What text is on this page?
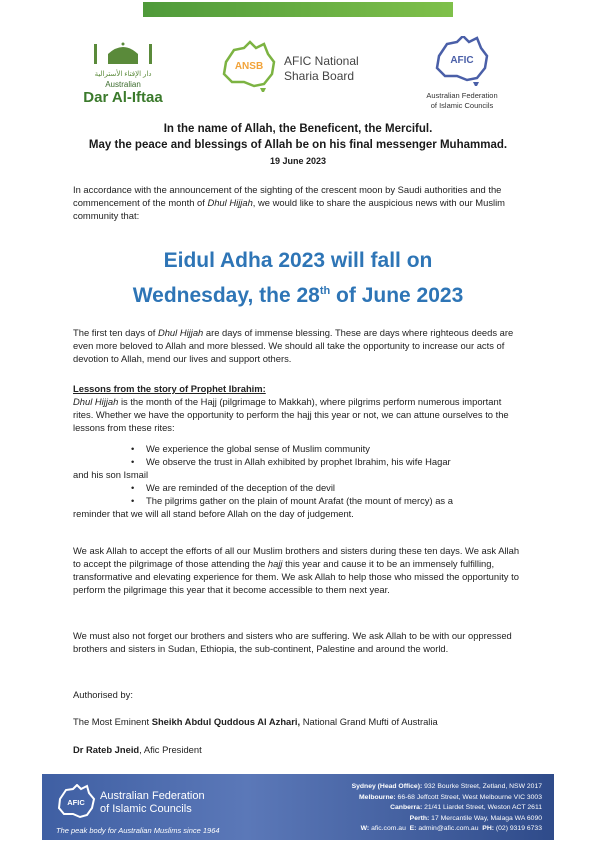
دار الإفتاء الأسترالية
Australian
Dar Al-Iftaa
ANSB AFIC National
Sharia Board
AFIC
Australian Federation
of Islamic Councils
In the name of Allah, the Beneficent, the Merciful.
May the peace and blessings of Allah be on his final messenger Muhammad.
19 June 2023
In accordance with the announcement of the sighting of the crescent moon by Saudi authorities and the commencement of the month of Dhul Hijjah, we would like to share the auspicious news with our Muslim community that:
Eidul Adha 2023 will fall on
Wednesday, the 28th of June 2023
The first ten days of Dhul Hijjah are days of immense blessing. These are days where righteous deeds are even more beloved to Allah and more blessed. We should all take the opportunity to increase our acts of devotion to Allah, mend our lives and support others.
Lessons from the story of Prophet Ibrahim:
Dhul Hijjah is the month of the Hajj (pilgrimage to Makkah), where pilgrims perform numerous important rites. Whether we have the opportunity to perform the hajj this year or not, we can attune ourselves to the lessons from these rites:
• We experience the global sense of Muslim community
• We observe the trust in Allah exhibited by prophet Ibrahim, his wife Hagar
and his son Ismail
• We are reminded of the deception of the devil
• The pilgrims gather on the plain of mount Arafat (the mount of mercy) as a
reminder that we will all stand before Allah on the day of judgement.
We ask Allah to accept the efforts of all our Muslim brothers and sisters during these ten days. We ask Allah to accept the pilgrimage of those attending the hajj this year and cause it to be an immensely fulfilling, transformative and elevating experience for them. We ask Allah to help those who missed the opportunity to perform the pilgrimage this year that it become accessible to them next year.
We must also not forget our brothers and sisters who are suffering. We ask Allah to be with our oppressed brothers and sisters in Sudan, Ethiopia, the sub-continent, Palestine and around the world.
Authorised by:
The Most Eminent Sheikh Abdul Quddous Al Azhari, National Grand Mufti of Australia
Dr Rateb Jneid, Afic President
AFIC
Australian Federation
of Islamic Councils
The peak body for Australian Muslims since 1964
Sydney (Head Office): 932 Bourke Street, Zetland, NSW 2017
Melbourne: 66-68 Jeffcott Street, West Melbourne VIC 3003
Canberra: 21/41 Liardet Street, Weston ACT 2611
Perth: 17 Mercantile Way, Malaga WA 6090
W: afic.com.au E: admin@afic.com.au PH: (02) 9319 6733
